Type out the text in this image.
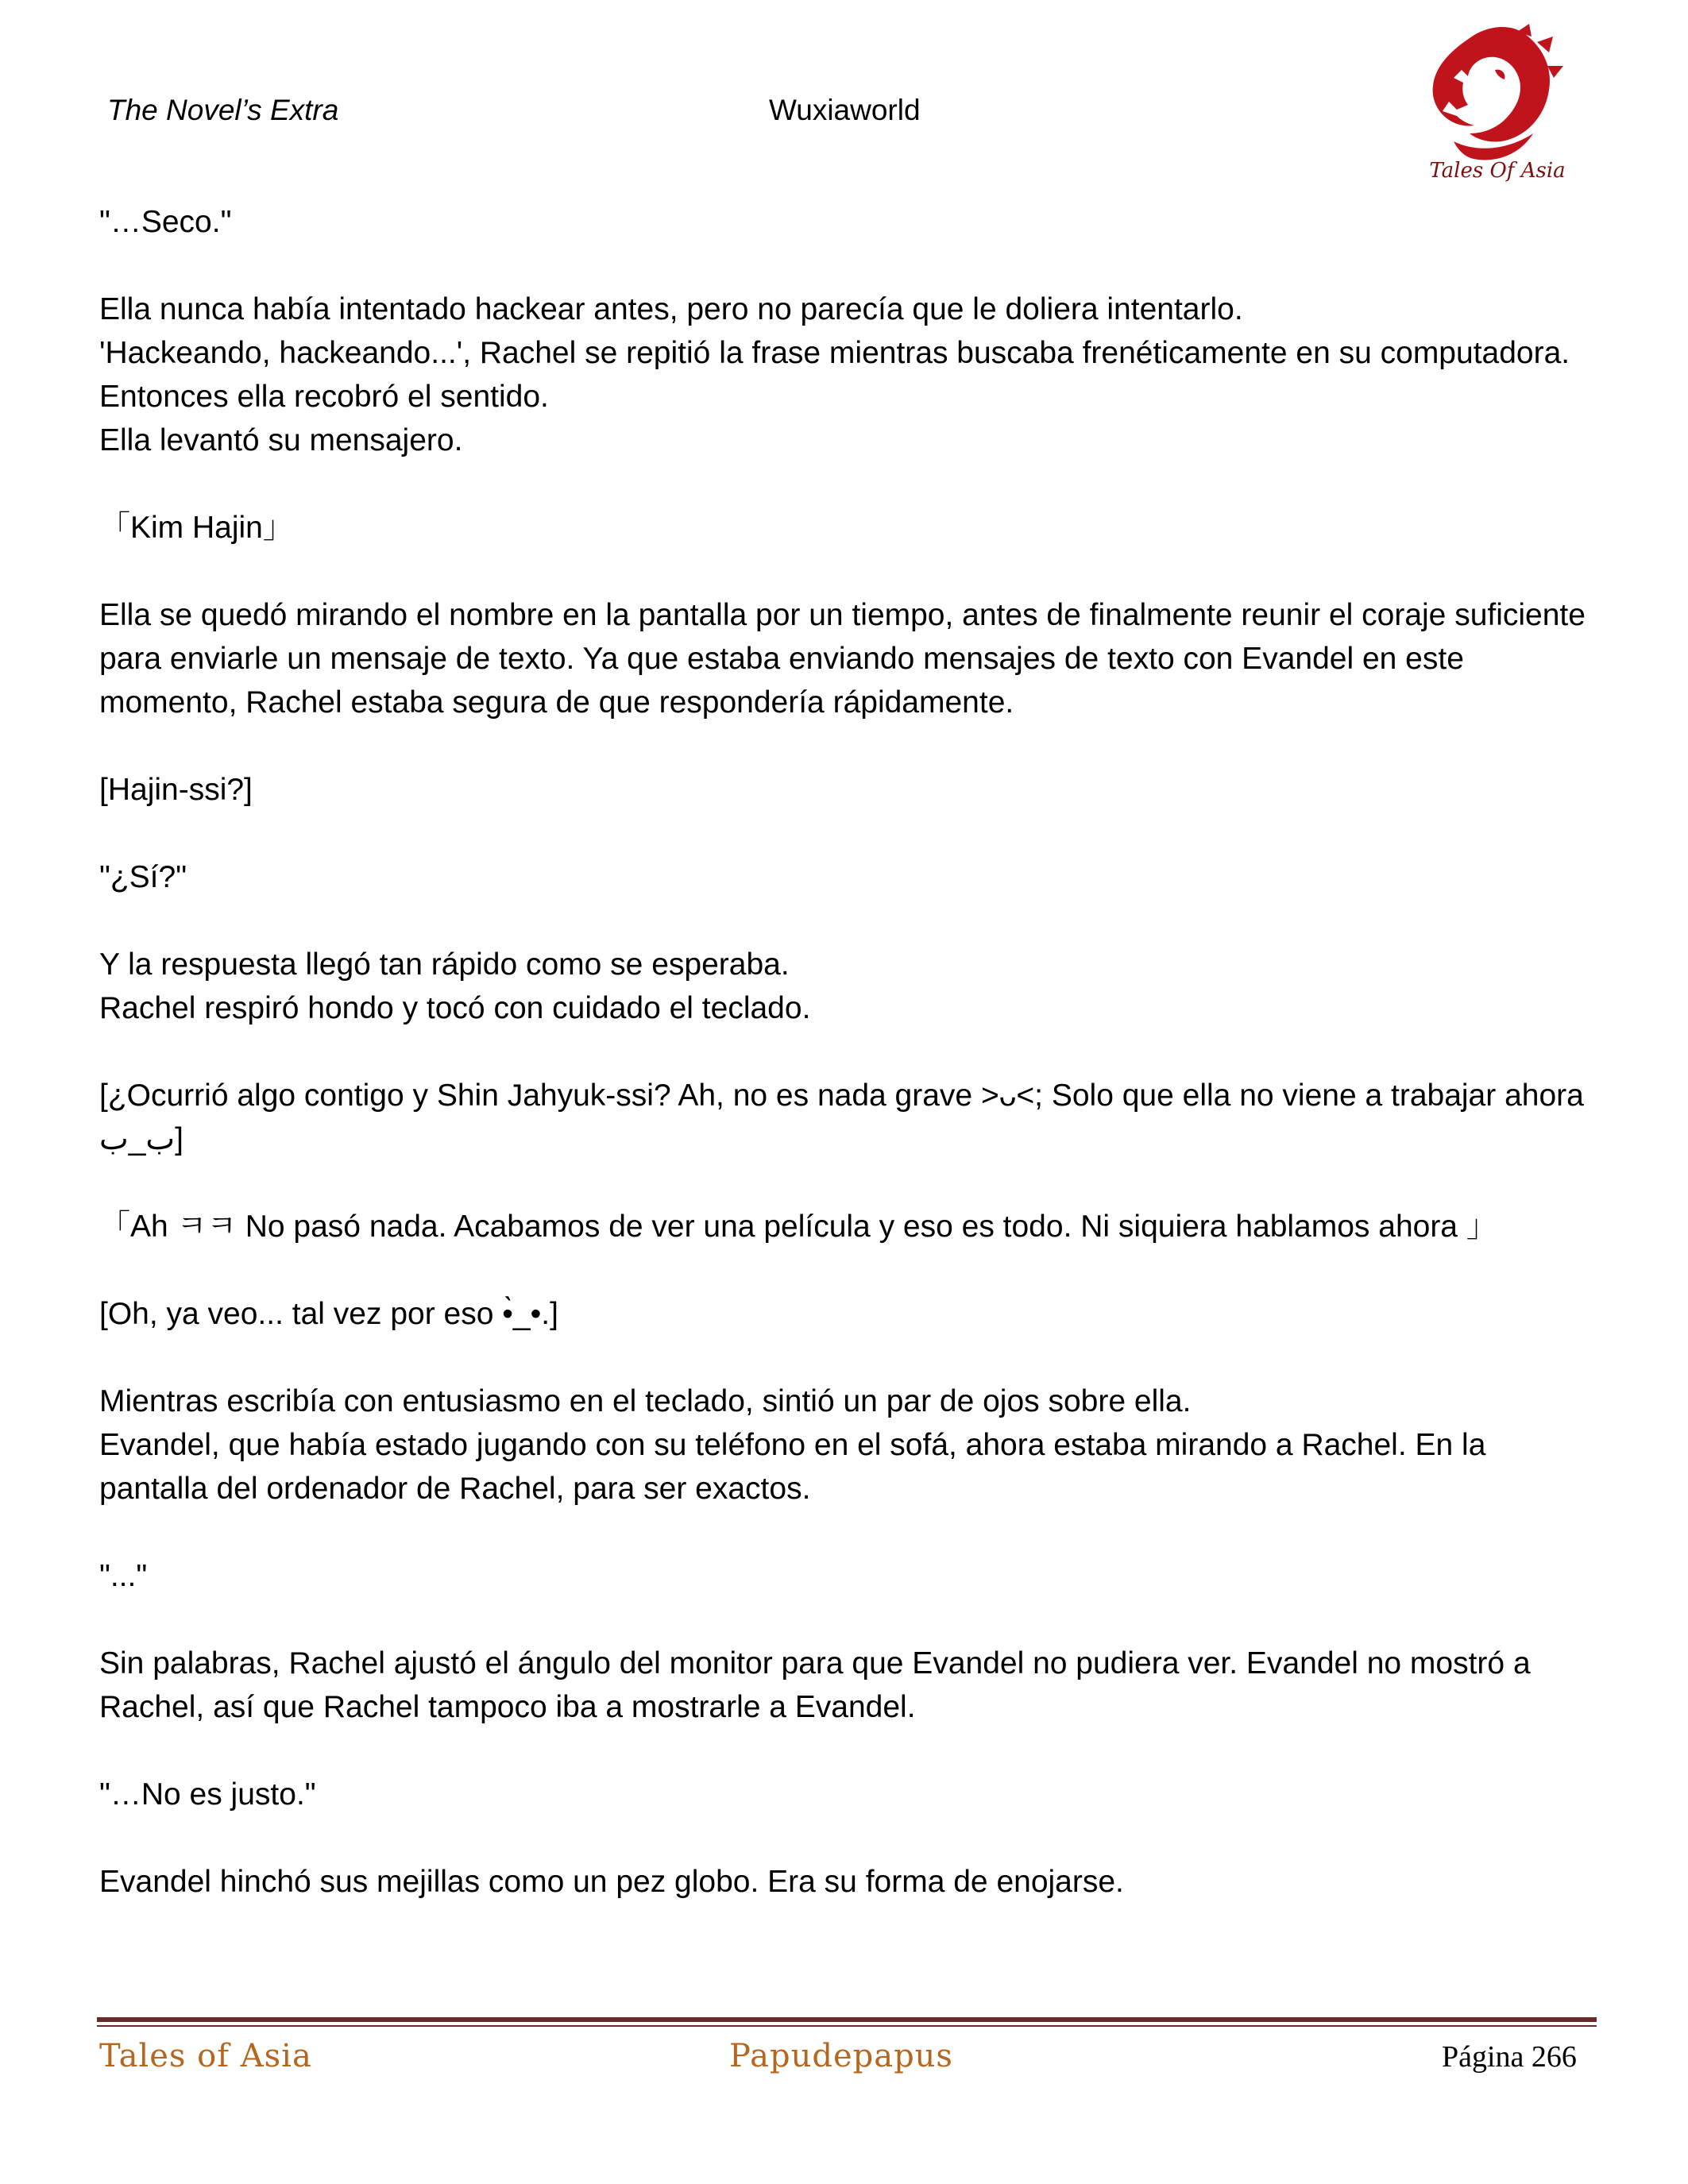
The Novel’s Extra	Wuxiaworld
Tales Of Asia

"…Seco."

Ella nunca había intentado hackear antes, pero no parecía que le doliera intentarlo.

'Hackeando, hackeando...', Rachel se repitió la frase mientras buscaba frenéticamente en su computadora.

Entonces ella recobró el sentido.

Ella levantó su mensajero.

「Kim Hajin」

Ella se quedó mirando el nombre en la pantalla por un tiempo, antes de finalmente reunir el coraje suficiente para enviarle un mensaje de texto. Ya que estaba enviando mensajes de texto con Evandel en este momento, Rachel estaba segura de que respondería rápidamente.

[Hajin-ssi?]

"¿Sí?"

Y la respuesta llegó tan rápido como se esperaba.

Rachel respiró hondo y tocó con cuidado el teclado.

[¿Ocurrió algo contigo y Shin Jahyuk-ssi? Ah, no es nada grave >ᴗ<; Solo que ella no viene a trabajar ahora ب_ب]

「Ah ㅋㅋ No pasó nada. Acabamos de ver una película y eso es todo. Ni siquiera hablamos ahora 」

[Oh, ya veo... tal vez por eso •̀_•.]

Mientras escribía con entusiasmo en el teclado, sintió un par de ojos sobre ella.

Evandel, que había estado jugando con su teléfono en el sofá, ahora estaba mirando a Rachel. En la pantalla del ordenador de Rachel, para ser exactos.

"..."

Sin palabras, Rachel ajustó el ángulo del monitor para que Evandel no pudiera ver. Evandel no mostró a Rachel, así que Rachel tampoco iba a mostrarle a Evandel.

"…No es justo."

Evandel hinchó sus mejillas como un pez globo. Era su forma de enojarse.

Tales of Asia	Papudepapus	Página 266
